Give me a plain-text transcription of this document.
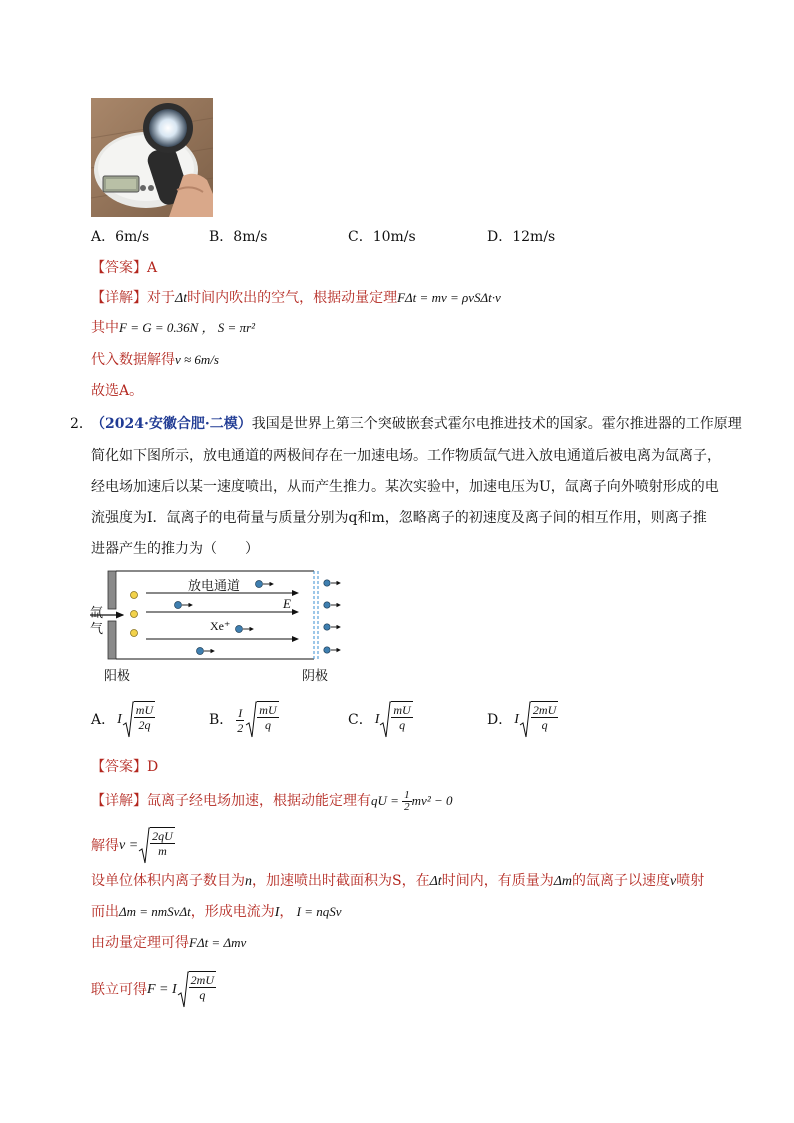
A．6m/s	B．8m/s	C．10m/s	D．12m/s
【答案】A
【详解】对于Δt时间内吹出的空气，根据动量定理FΔt = mv = ρvSΔt·v
其中F = G = 0.36N ， S = πr²
代入数据解得v ≈ 6m/s
故选A。
2．
（2024·安徽合肥·二模）我国是世界上第三个突破嵌套式霍尔电推进技术的国家。霍尔推进器的工作原理
简化如下图所示，放电通道的两极间存在一加速电场。工作物质氙气进入放电通道后被电离为氙离子，
经电场加速后以某一速度喷出，从而产生推力。某次实验中，加速电压为U，氙离子向外喷射形成的电
流强度为I．氙离子的电荷量与质量分别为q和m，忽略离子的初速度及离子间的相互作用，则离子推
进器产生的推力为（　　）
放电通道
E
Xe⁺
氙
气
阳极	阴极
A． I $\frac{mU}{2q}$	B． $\frac{I}{2} \frac{mU}{q}$	C． I $\frac{mU}{q}$	D． I $\frac{2mU}{q}$
【答案】D
【详解】 氙离子经电场加速，根据动能定理有 qU = $\frac{1}{2} mv^2 - 0$
解得 $v = \frac{2qU}{m}$
设单位体积内离子数目为n，加速喷出时截面积为S，在Δt时间内，有质量为Δm的氙离子以速度v喷射
而出Δm = nmSvΔt，形成电流为I， I = nqSv
由动量定理可得FΔt = Δmv
联立可得 F = I $\frac{2mU}{q}$
